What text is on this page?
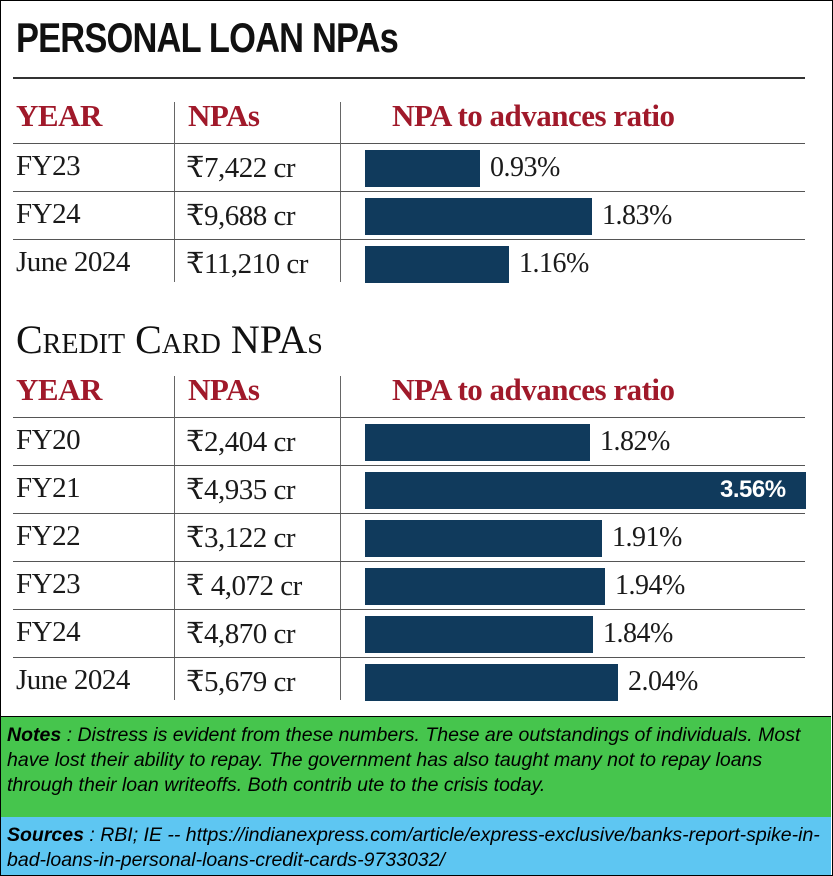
PERSONAL LOAN NPAs
YEAR	NPAs	NPA to advances ratio
FY23	₹7,422 cr	0.93%
FY24	₹9,688 cr	1.83%
June 2024 ₹11,210 cr	1.16%
Credit Card NPAs
YEAR	NPAs	NPA to advances ratio
FY20	₹2,404 cr	1.82%
FY21	₹4,935 cr	3.56%
FY22	₹3,122 cr	1.91%
FY23	₹ 4,072 cr	1.94%
FY24	₹4,870 cr	1.84%
June 2024 ₹5,679 cr	2.04%

Notes : Distress is evident from these numbers. These are outstandings of individuals. Most have lost their ability to repay. The government has also taught many not to repay loans through their loan writeoffs. Both contrib ute to the crisis today.

Sources : RBI; IE -- https://indianexpress.com/article/express-exclusive/banks-report-spike-in-bad-loans-in-personal-loans-credit-cards-9733032/
